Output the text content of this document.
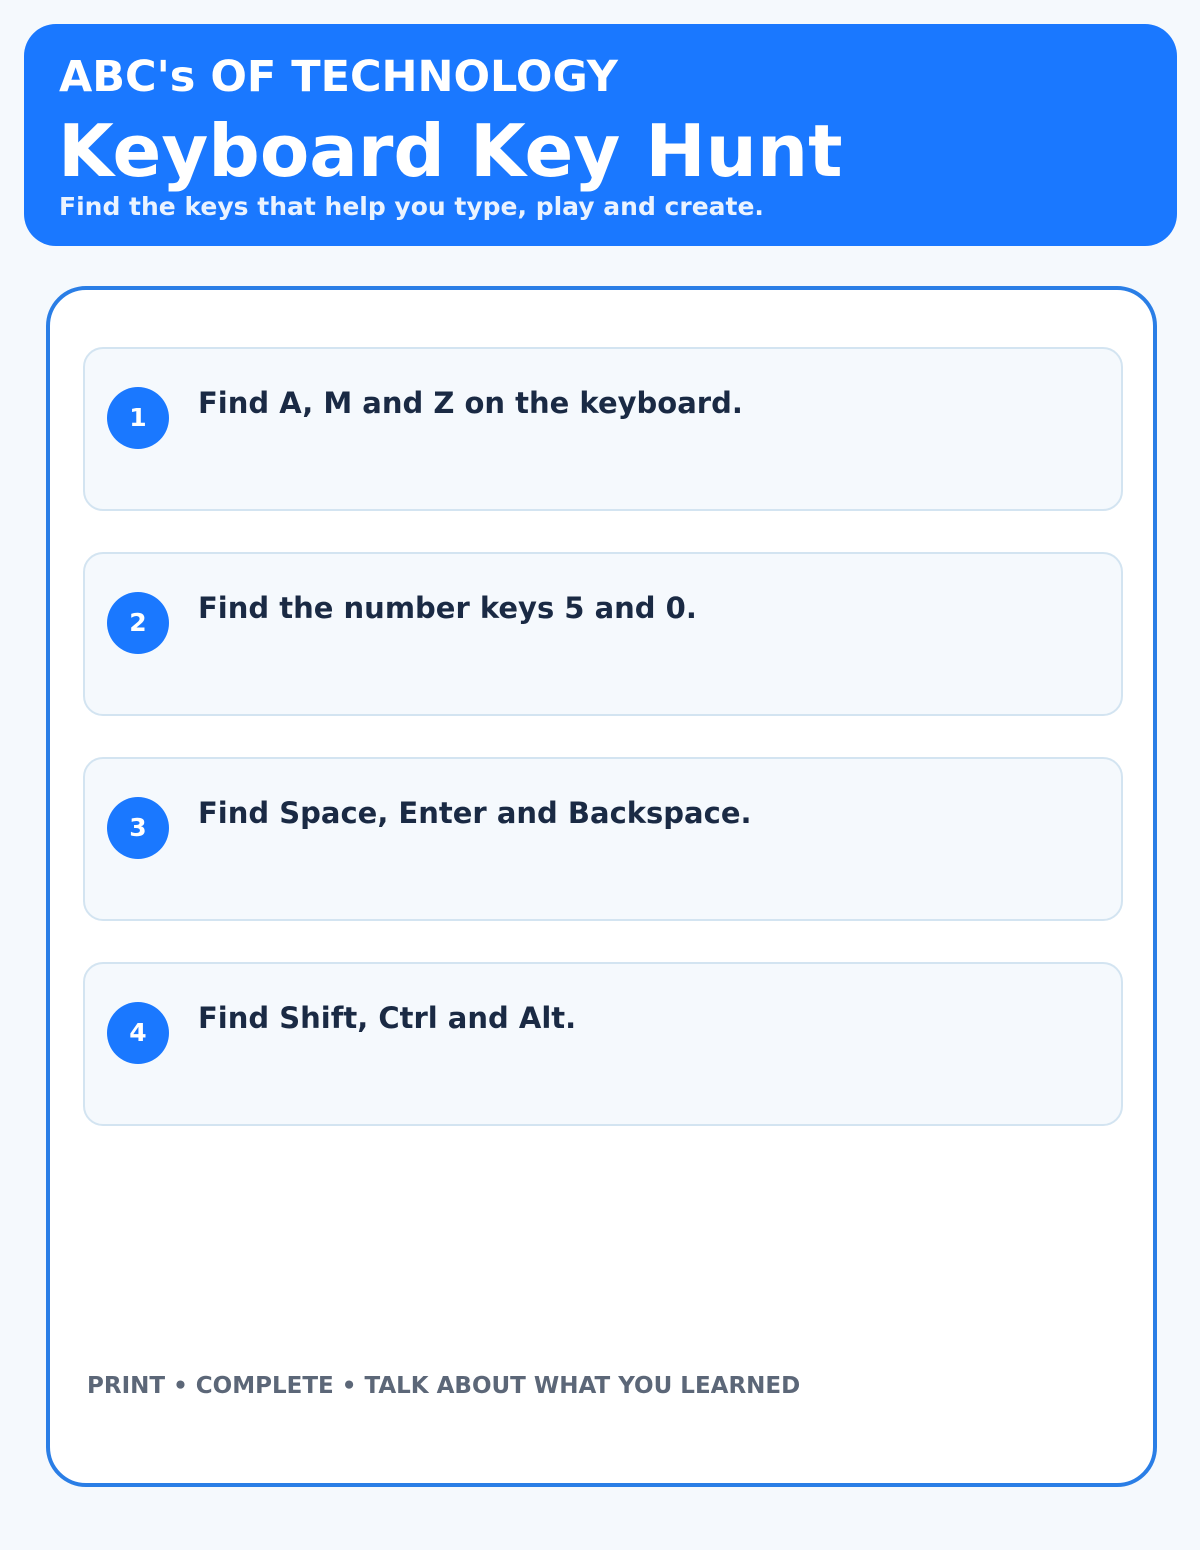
ABC's OF TECHNOLOGY
Keyboard Key Hunt
Find the keys that help you type, play and create.
1	Find A, M and Z on the keyboard.
2	Find the number keys 5 and 0.
3	Find Space, Enter and Backspace.
4	Find Shift, Ctrl and Alt.
PRINT • COMPLETE • TALK ABOUT WHAT YOU LEARNED
